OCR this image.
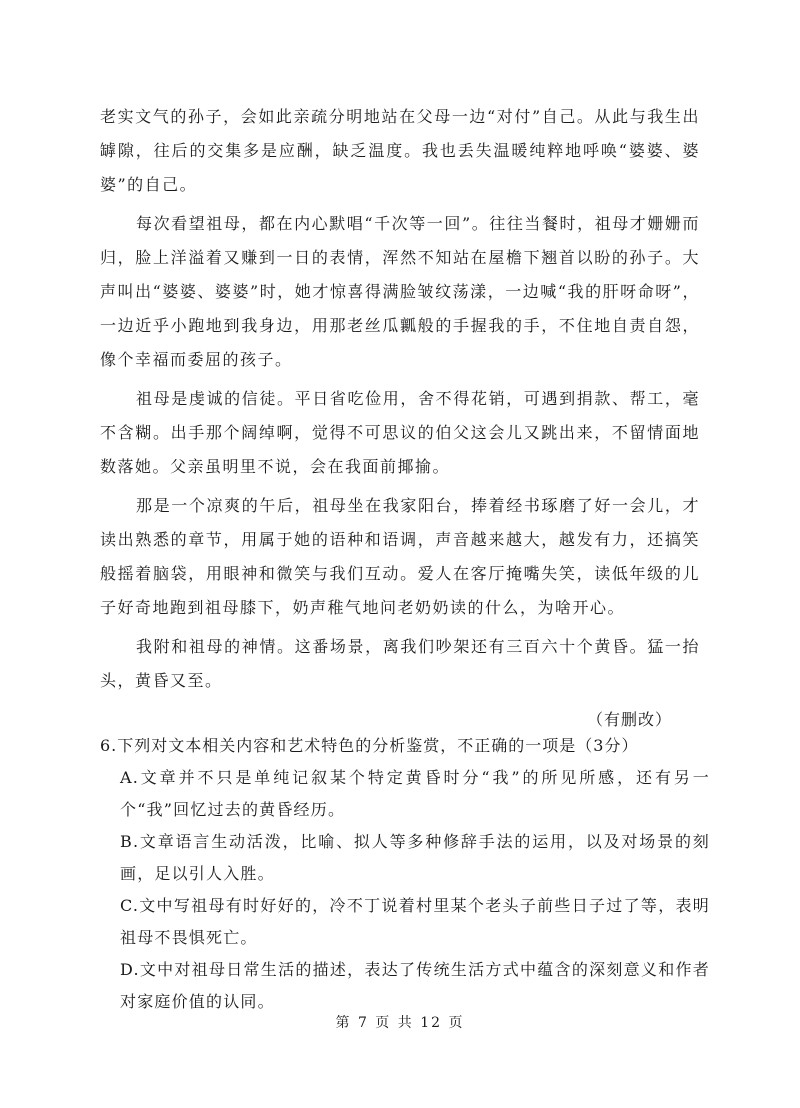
老实文气的孙子，会如此亲疏分明地站在父母一边“对付”自己。从此与我生出罅隙，往后的交集多是应酬，缺乏温度。我也丢失温暖纯粹地呼唤“婆婆、婆婆”的自己。

每次看望祖母，都在内心默唱“千次等一回”。往往当餐时，祖母才姗姗而归，脸上洋溢着又赚到一日的表情，浑然不知站在屋檐下翘首以盼的孙子。大声叫出“婆婆、婆婆”时，她才惊喜得满脸皱纹荡漾，一边喊“我的肝呀命呀”，一边近乎小跑地到我身边，用那老丝瓜瓤般的手握我的手，不住地自责自怨，像个幸福而委屈的孩子。

祖母是虔诚的信徒。平日省吃俭用，舍不得花销，可遇到捐款、帮工，毫不含糊。出手那个阔绰啊，觉得不可思议的伯父这会儿又跳出来，不留情面地数落她。父亲虽明里不说，会在我面前揶揄。

那是一个凉爽的午后，祖母坐在我家阳台，捧着经书琢磨了好一会儿，才读出熟悉的章节，用属于她的语种和语调，声音越来越大，越发有力，还搞笑般摇着脑袋，用眼神和微笑与我们互动。爱人在客厅掩嘴失笑，读低年级的儿子好奇地跑到祖母膝下，奶声稚气地问老奶奶读的什么，为啥开心。

我附和祖母的神情。这番场景，离我们吵架还有三百六十个黄昏。猛一抬头，黄昏又至。

（有删改）

6.下列对文本相关内容和艺术特色的分析鉴赏，不正确的一项是（3分）

A.文章并不只是单纯记叙某个特定黄昏时分“我”的所见所感，还有另一个“我”回忆过去的黄昏经历。

B.文章语言生动活泼，比喻、拟人等多种修辞手法的运用，以及对场景的刻画，足以引人入胜。

C.文中写祖母有时好好的，冷不丁说着村里某个老头子前些日子过了等，表明祖母不畏惧死亡。

D.文中对祖母日常生活的描述，表达了传统生活方式中蕴含的深刻意义和作者对家庭价值的认同。

第 7 页 共 12 页
